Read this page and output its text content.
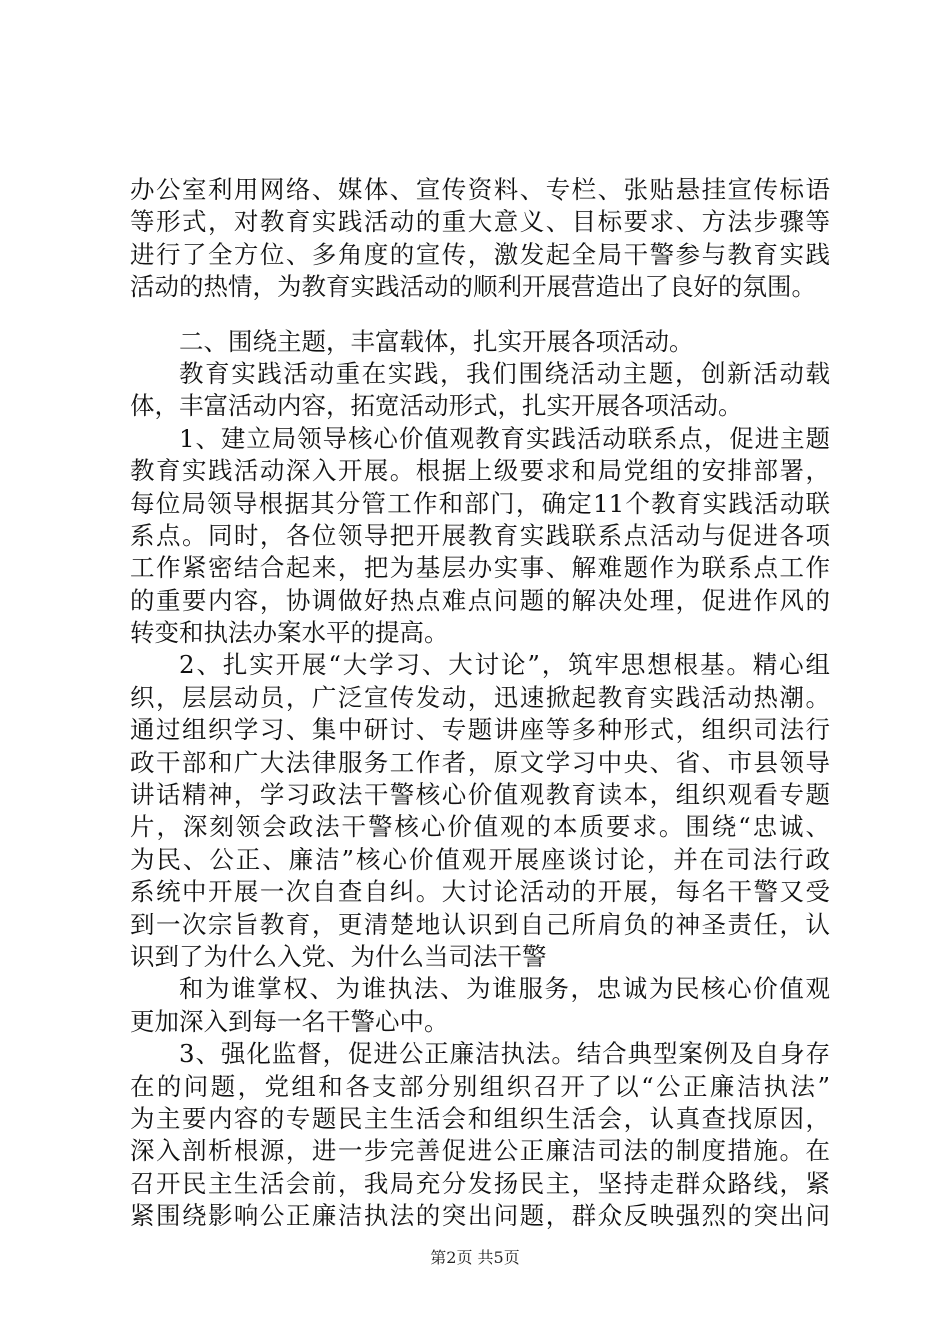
办公室利用网络、媒体、宣传资料、专栏、张贴悬挂宣传标语
等形式，对教育实践活动的重大意义、目标要求、方法步骤等
进行了全方位、多角度的宣传，激发起全局干警参与教育实践
活动的热情，为教育实践活动的顺利开展营造出了良好的氛围。
二、围绕主题，丰富载体，扎实开展各项活动。
教育实践活动重在实践，我们围绕活动主题，创新活动载
体，丰富活动内容，拓宽活动形式，扎实开展各项活动。
1、建立局领导核心价值观教育实践活动联系点，促进主题
教育实践活动深入开展。根据上级要求和局党组的安排部署，
每位局领导根据其分管工作和部门，确定11个教育实践活动联
系点。同时，各位领导把开展教育实践联系点活动与促进各项
工作紧密结合起来，把为基层办实事、解难题作为联系点工作
的重要内容，协调做好热点难点问题的解决处理，促进作风的
转变和执法办案水平的提高。
2、扎实开展“大学习、大讨论”，筑牢思想根基。精心组
织，层层动员，广泛宣传发动，迅速掀起教育实践活动热潮。
通过组织学习、集中研讨、专题讲座等多种形式，组织司法行
政干部和广大法律服务工作者，原文学习中央、省、市县领导
讲话精神，学习政法干警核心价值观教育读本，组织观看专题
片，深刻领会政法干警核心价值观的本质要求。围绕“忠诚、
为民、公正、廉洁”核心价值观开展座谈讨论，并在司法行政
系统中开展一次自查自纠。大讨论活动的开展，每名干警又受
到一次宗旨教育，更清楚地认识到自己所肩负的神圣责任，认
识到了为什么入党、为什么当司法干警
和为谁掌权、为谁执法、为谁服务，忠诚为民核心价值观
更加深入到每一名干警心中。
3、强化监督，促进公正廉洁执法。结合典型案例及自身存
在的问题，党组和各支部分别组织召开了以“公正廉洁执法”
为主要内容的专题民主生活会和组织生活会，认真查找原因，
深入剖析根源，进一步完善促进公正廉洁司法的制度措施。在
召开民主生活会前，我局充分发扬民主，坚持走群众路线，紧
紧围绕影响公正廉洁执法的突出问题，群众反映强烈的突出问
第2页 共5页
